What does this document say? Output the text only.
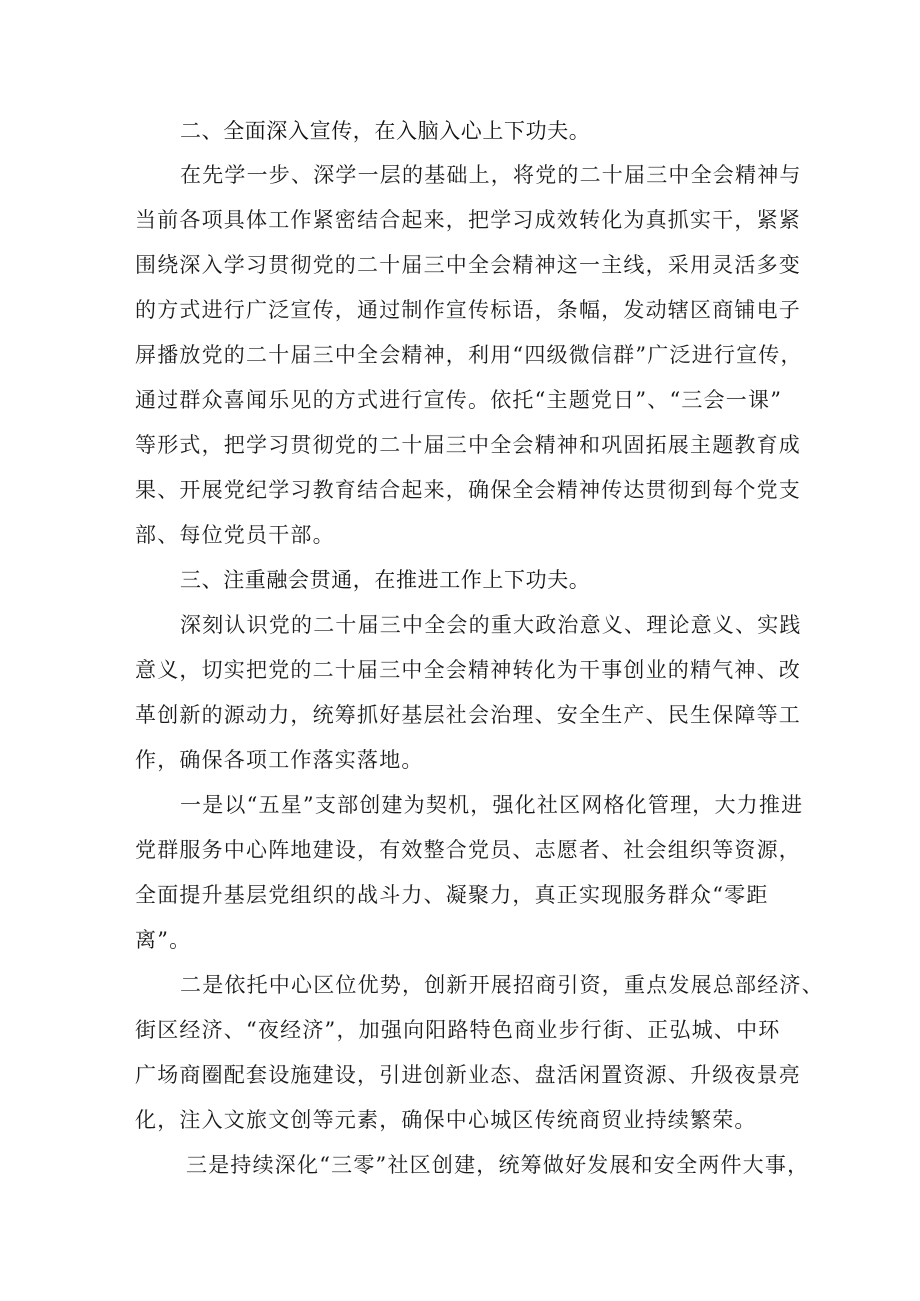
二、全面深入宣传，在入脑入心上下功夫。
在先学一步、深学一层的基础上，将党的二十届三中全会精神与
当前各项具体工作紧密结合起来，把学习成效转化为真抓实干，紧紧
围绕深入学习贯彻党的二十届三中全会精神这一主线，采用灵活多变
的方式进行广泛宣传，通过制作宣传标语，条幅，发动辖区商铺电子
屏播放党的二十届三中全会精神，利用“四级微信群”广泛进行宣传，
通过群众喜闻乐见的方式进行宣传。依托“主题党日”、“三会一课”
等形式，把学习贯彻党的二十届三中全会精神和巩固拓展主题教育成
果、开展党纪学习教育结合起来，确保全会精神传达贯彻到每个党支
部、每位党员干部。
三、注重融会贯通，在推进工作上下功夫。
深刻认识党的二十届三中全会的重大政治意义、理论意义、实践
意义，切实把党的二十届三中全会精神转化为干事创业的精气神、改
革创新的源动力，统筹抓好基层社会治理、安全生产、民生保障等工
作，确保各项工作落实落地。
一是以“五星”支部创建为契机，强化社区网格化管理，大力推进
党群服务中心阵地建设，有效整合党员、志愿者、社会组织等资源，
全面提升基层党组织的战斗力、凝聚力，真正实现服务群众“零距
离”。
二是依托中心区位优势，创新开展招商引资，重点发展总部经济、
街区经济、“夜经济”，加强向阳路特色商业步行街、正弘城、中环
广场商圈配套设施建设，引进创新业态、盘活闲置资源、升级夜景亮
化，注入文旅文创等元素，确保中心城区传统商贸业持续繁荣。
三是持续深化“三零”社区创建，统筹做好发展和安全两件大事，
